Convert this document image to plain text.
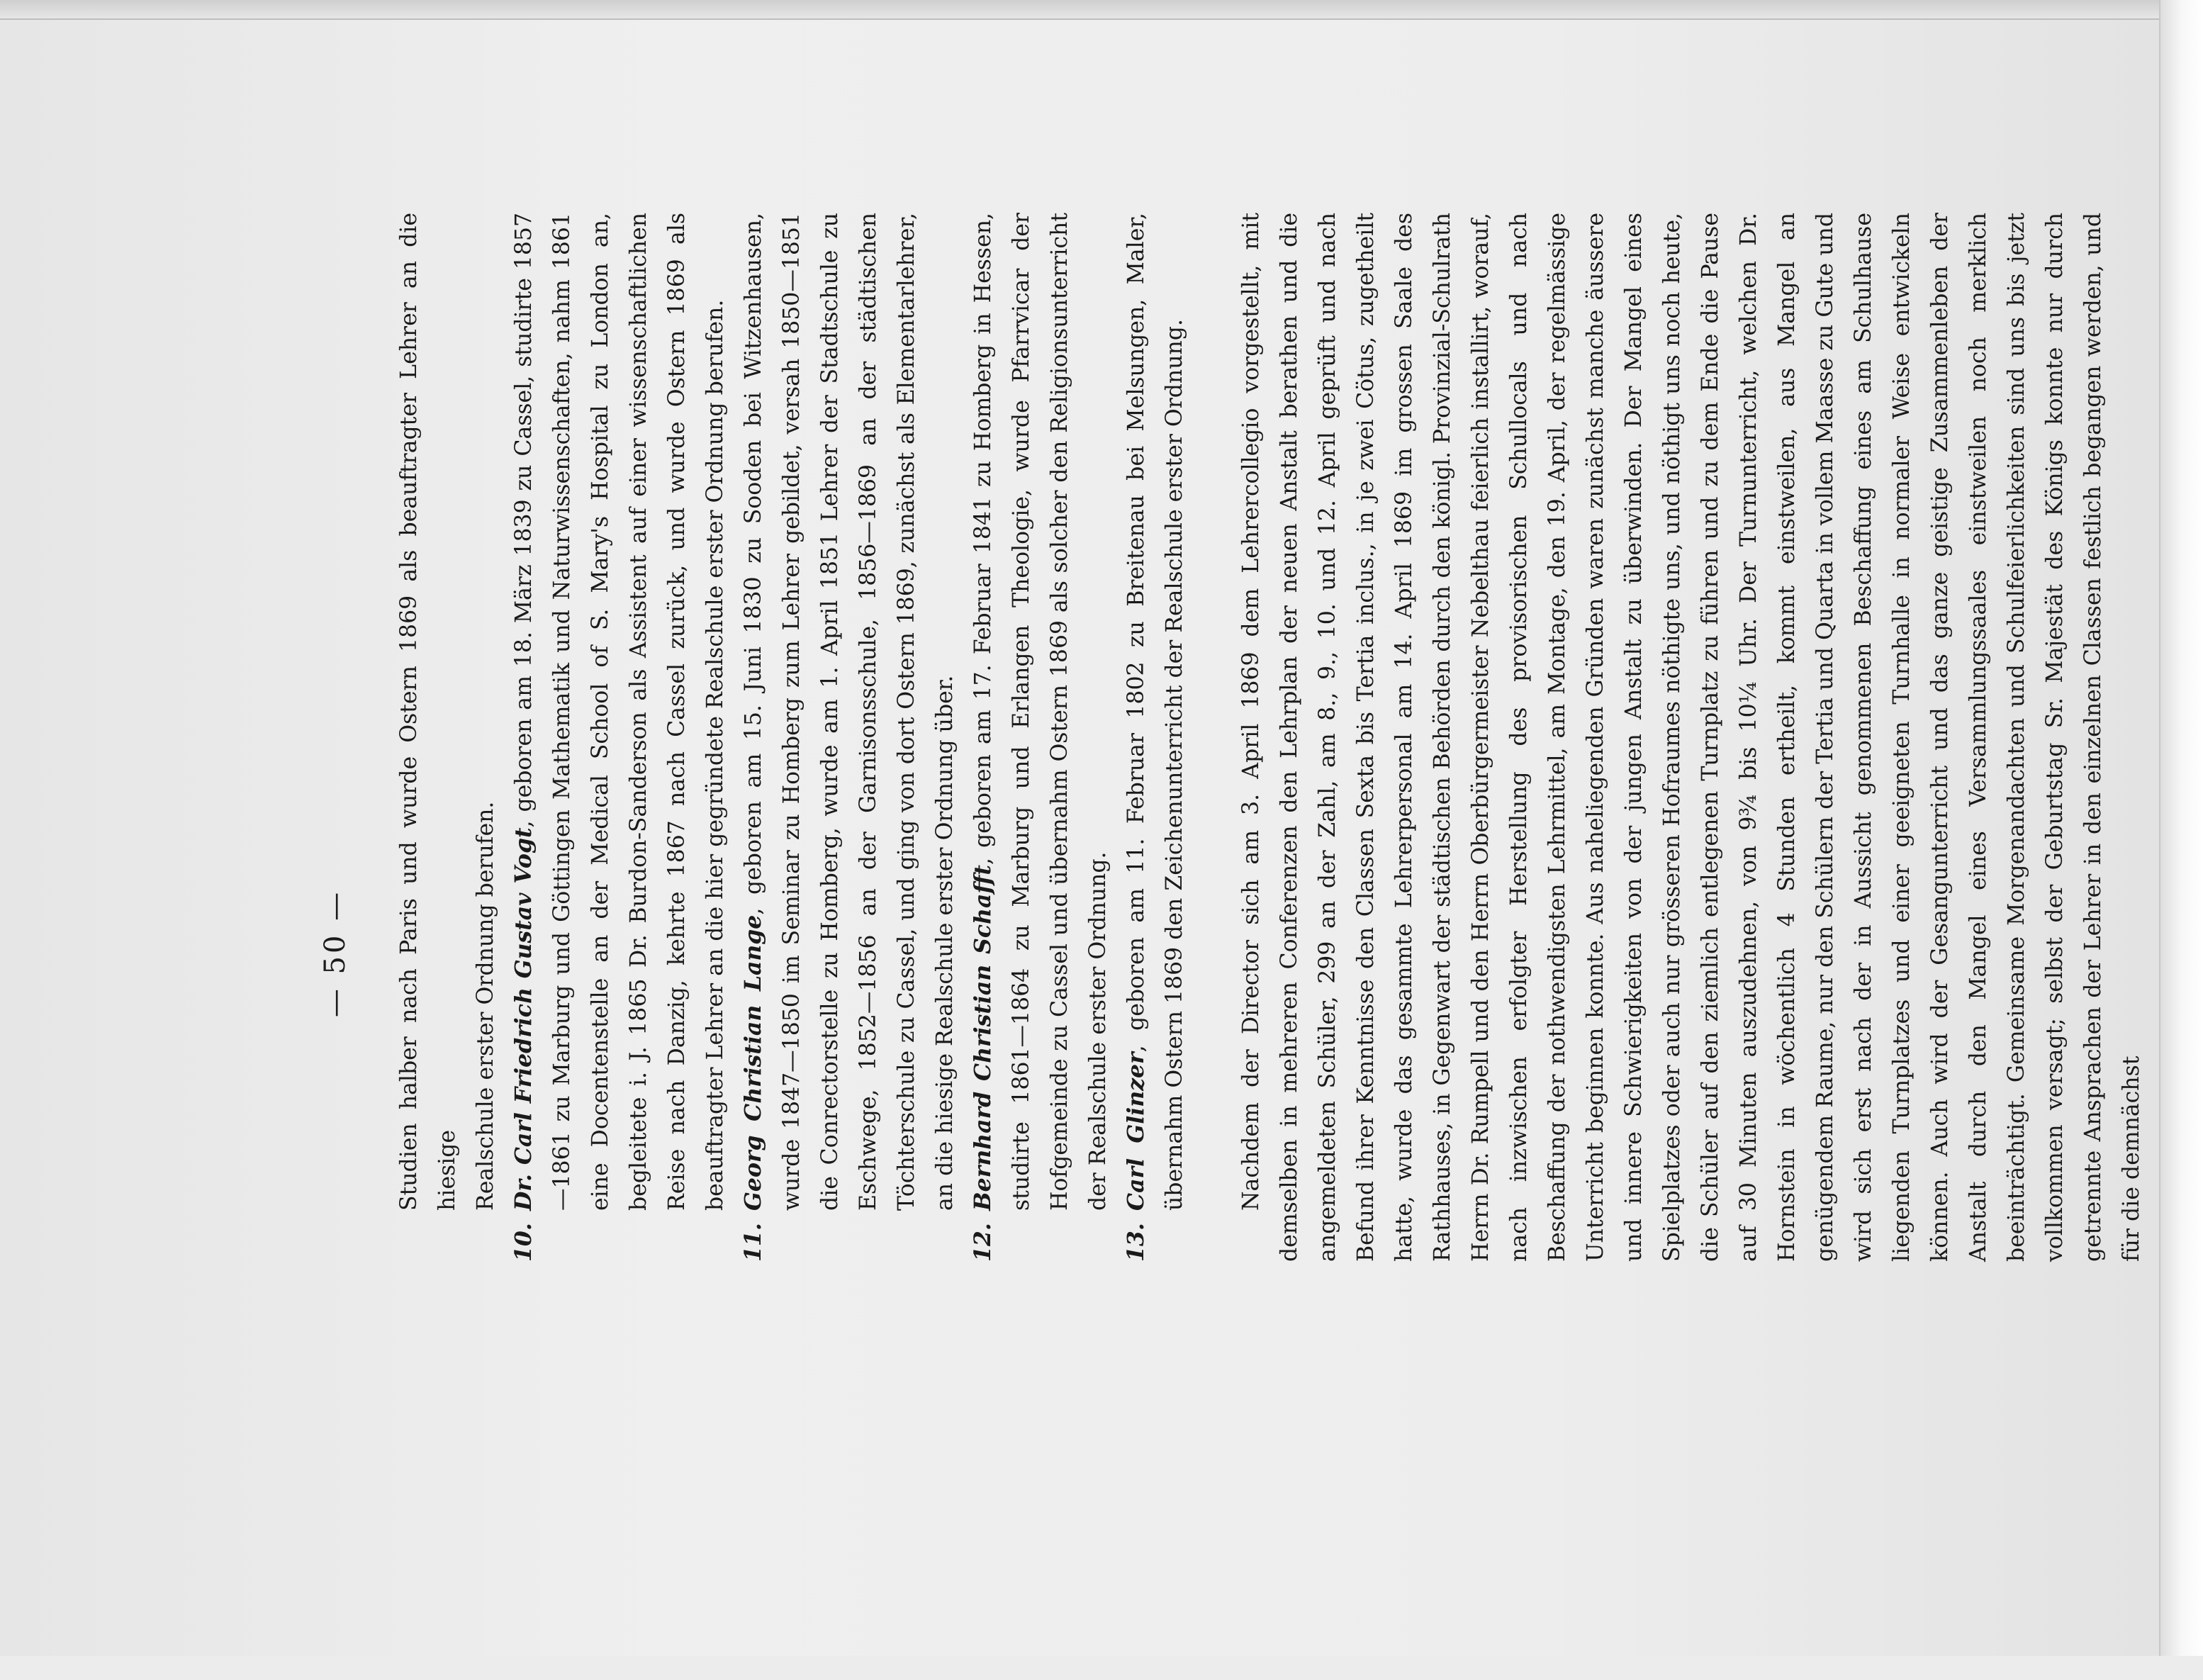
— 50 — Studien halber nach Paris und wurde Ostern 1869 als beauftragter Lehrer an die hiesige Realschule erster Ordnung berufen.

10.
Dr. Carl Friedrich Gustav Vogt, geboren am 18. März 1839 zu Cassel, studirte 1857—1861 zu Marburg und Göttingen Mathematik und Naturwissenschaften, nahm 1861 eine Docentenstelle an der Medical School of S. Mary's Hospital zu London an, begleitete i. J. 1865 Dr. Burdon-Sanderson als Assistent auf einer wissenschaftlichen Reise nach Danzig, kehrte 1867 nach Cassel zurück, und wurde Ostern 1869 als beauftragter Lehrer an die hier gegründete Realschule erster Ordnung berufen.

11.
Georg Christian Lange, geboren am 15. Juni 1830 zu Sooden bei Witzenhausen, wurde 1847—1850 im Seminar zu Homberg zum Lehrer gebildet, versah 1850—1851 die Conrectorstelle zu Homberg, wurde am 1. April 1851 Lehrer der Stadtschule zu Eschwege, 1852—1856 an der Garnisonsschule, 1856—1869 an der städtischen Töchterschule zu Cassel, und ging von dort Ostern 1869, zunächst als Elementarlehrer, an die hiesige Realschule erster Ordnung über.

12.
Bernhard Christian Schafft, geboren am 17. Februar 1841 zu Homberg in Hessen, studirte 1861—1864 zu Marburg und Erlangen Theologie, wurde Pfarrvicar der Hofgemeinde zu Cassel und übernahm Ostern 1869 als solcher den Religionsunterricht der Realschule erster Ordnung.

13.
Carl Glinzer, geboren am 11. Februar 1802 zu Breitenau bei Melsungen, Maler, übernahm Ostern 1869 den Zeichenunterricht der Realschule erster Ordnung. Nachdem der Director sich am 3. April 1869 dem Lehrercollegio vorgestellt, mit demselben in mehreren Conferenzen den Lehrplan der neuen Anstalt berathen und die angemeldeten Schüler, 299 an der Zahl, am 8., 9., 10. und 12. April geprüft und nach Befund ihrer Kenntnisse den Classen Sexta bis Tertia inclus., in je zwei Cötus, zugetheilt hatte, wurde das gesammte Lehrerpersonal am 14. April 1869 im grossen Saale des Rathhauses, in Gegenwart der städtischen Behörden durch den königl. Provinzial-Schulrath Herrn Dr. Rumpell und den Herrn Oberbürgermeister Nebelthau feierlich installirt, worauf, nach inzwischen erfolgter Herstellung des provisorischen Schullocals und nach Beschaffung der nothwendigsten Lehrmittel, am Montage, den 19. April, der regelmässige Unterricht beginnen konnte. Aus naheliegenden Gründen waren zunächst manche äussere und innere Schwierigkeiten von der jungen Anstalt zu überwinden. Der Mangel eines Spielplatzes oder auch nur grösseren Hofraumes nöthigte uns, und nöthigt uns noch heute, die Schüler auf den ziemlich entlegenen Turnplatz zu führen und zu dem Ende die Pause auf 30 Minuten auszudehnen, von 9¾ bis 10¼ Uhr. Der Turnunterricht, welchen Dr. Hornstein in wöchentlich 4 Stunden ertheilt, kommt einstweilen, aus Mangel an genügendem Raume, nur den Schülern der Tertia und Quarta in vollem Maasse zu Gute und wird sich erst nach der in Aussicht genommenen Beschaffung eines am Schulhause liegenden Turnplatzes und einer geeigneten Turnhalle in normaler Weise entwickeln können. Auch wird der Gesangunterricht und das ganze geistige Zusammenleben der Anstalt durch den Mangel eines Versammlungssaales einstweilen noch merklich beeinträchtigt. Gemeinsame Morgenandachten und Schulfeierlichkeiten sind uns bis jetzt vollkommen versagt; selbst der Geburtstag Sr. Majestät des Königs konnte nur durch getrennte Ansprachen der Lehrer in den einzelnen Classen festlich begangen werden, und für die demnächst
